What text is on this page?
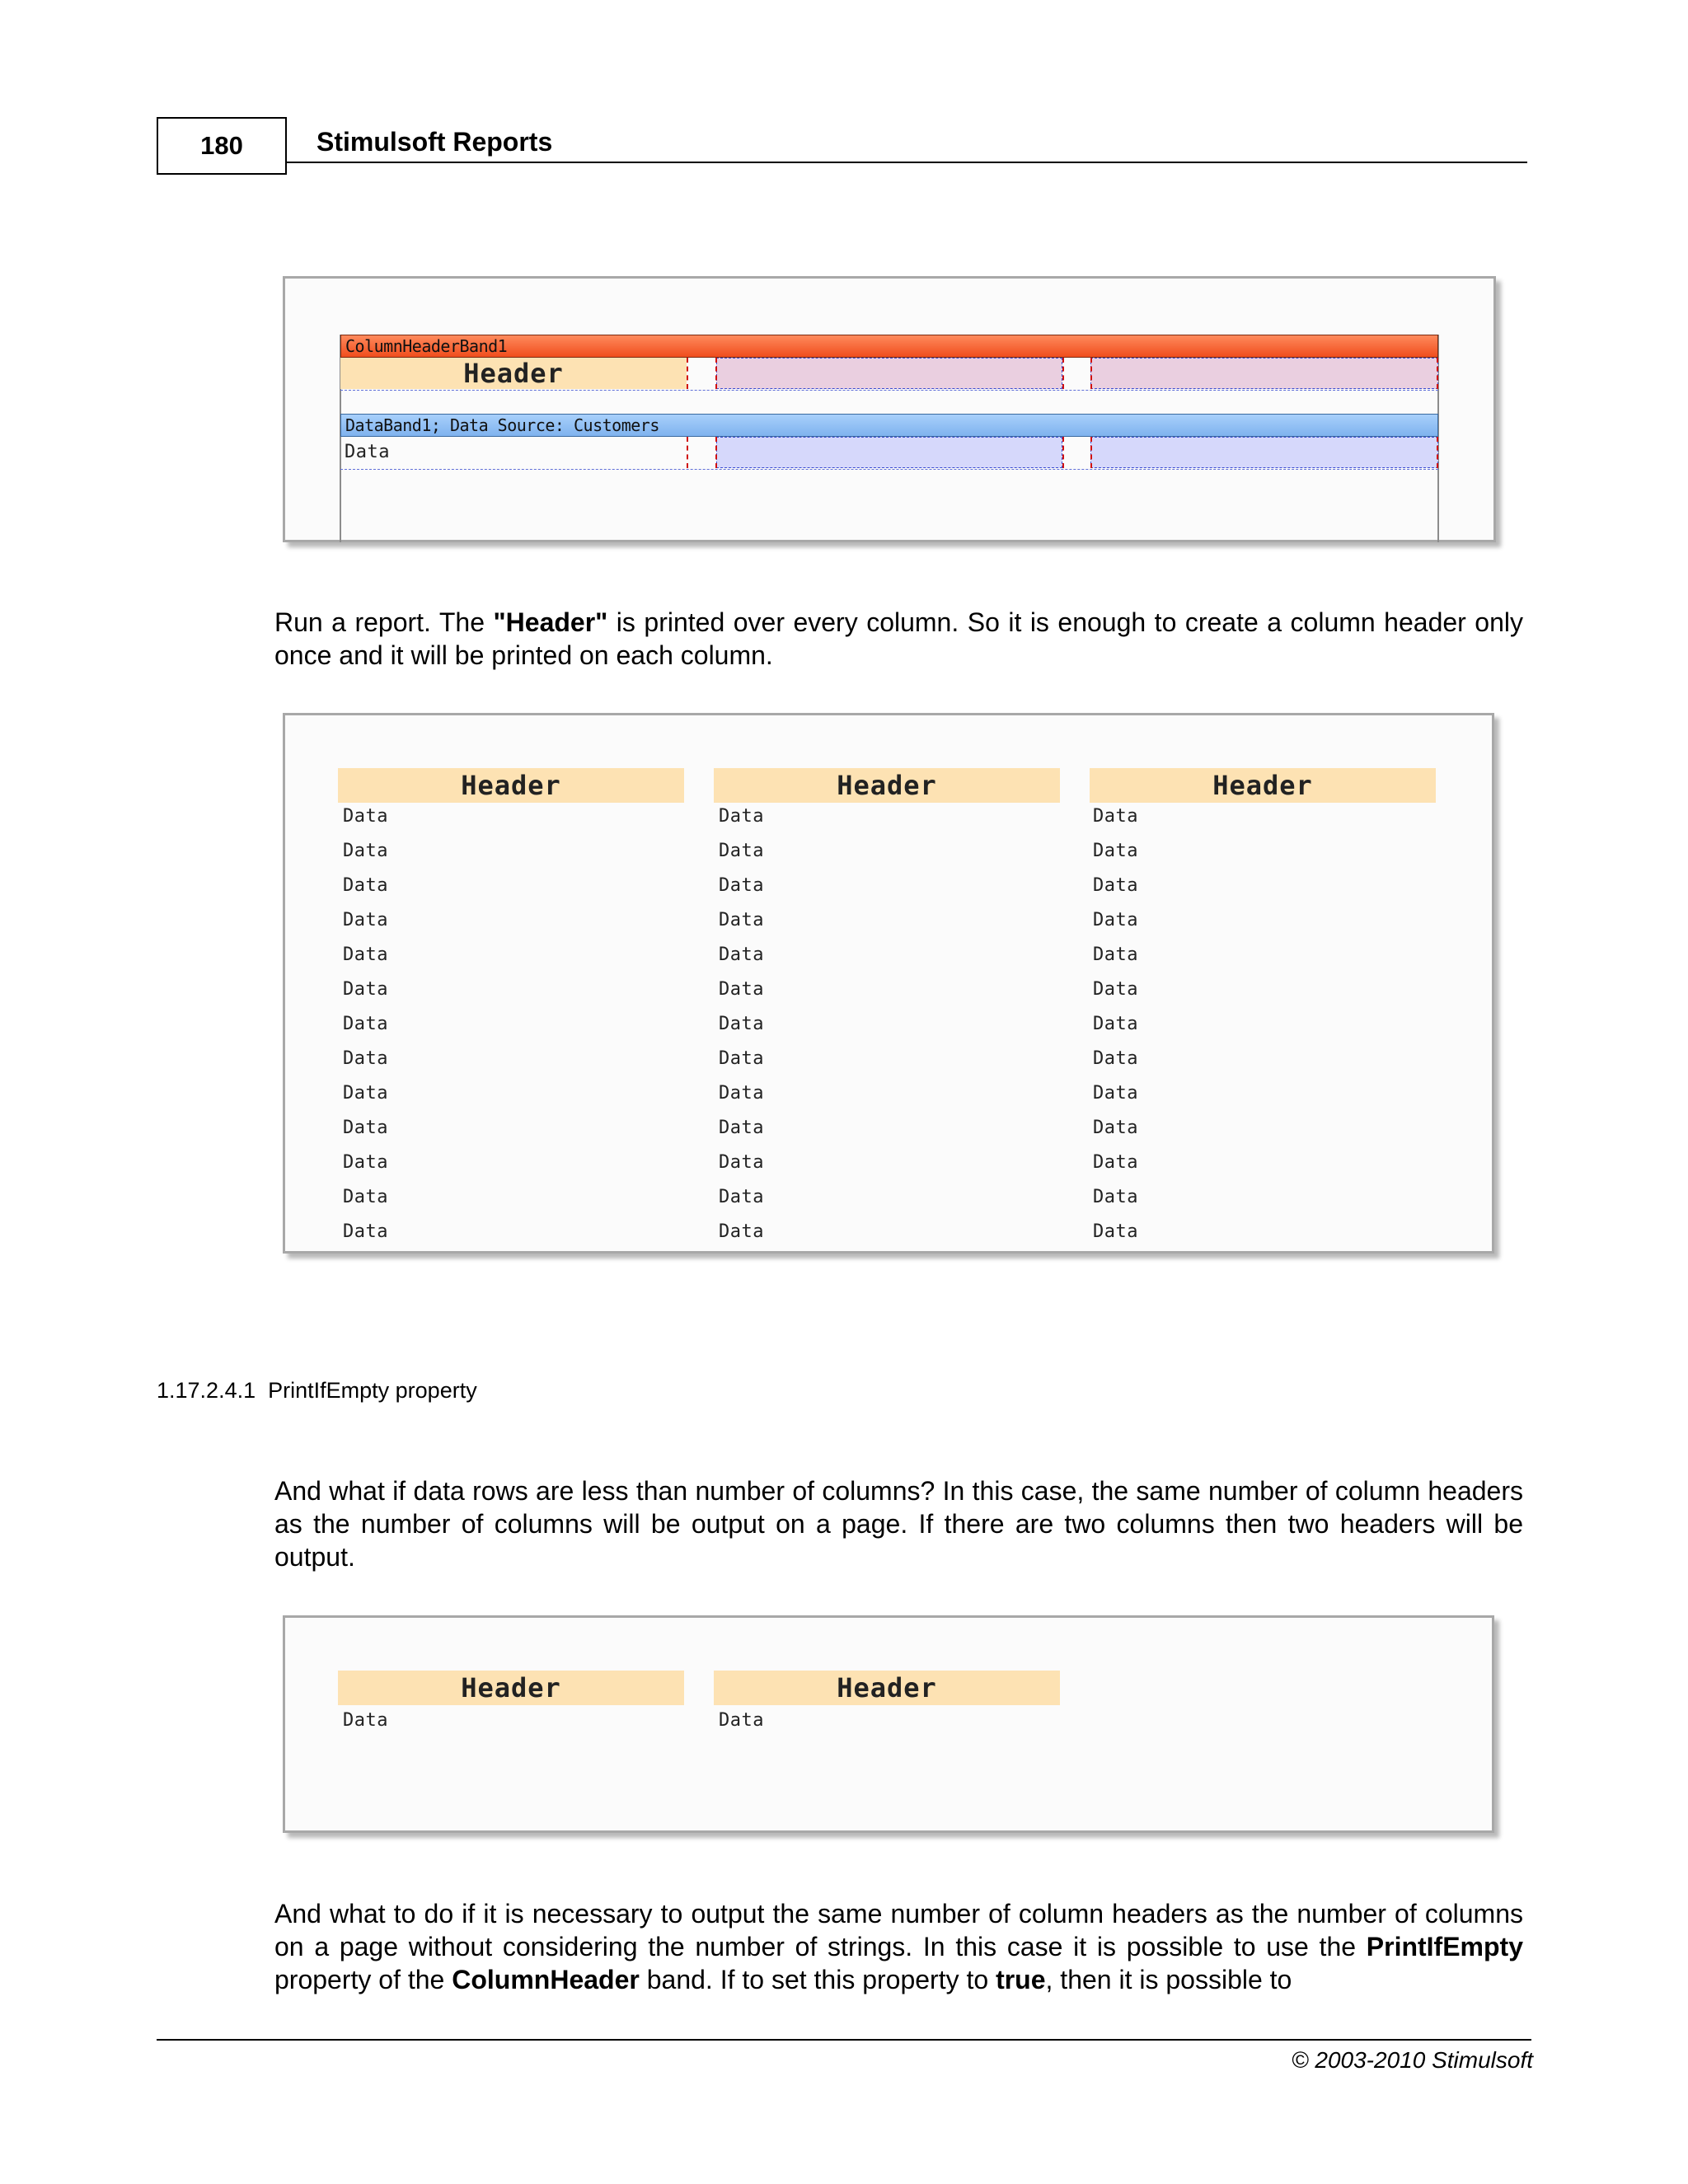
180	Stimulsoft Reports
ColumnHeaderBand1
Header
DataBand1; Data Source: Customers
Data
Run a report. The "Header" is printed over every column. So it is enough to create a column header only once and it will be printed on each column.
Header	Header	Header
Data	Data	Data
Data	Data	Data
Data	Data	Data
Data	Data	Data
Data	Data	Data
Data	Data	Data
Data	Data	Data
Data	Data	Data
Data	Data	Data
Data	Data	Data
Data	Data	Data
Data	Data	Data
Data	Data	Data
1.17.2.4.1 PrintIfEmpty property
And what if data rows are less than number of columns? In this case, the same number of column headers as the number of columns will be output on a page. If there are two columns then two headers will be output.
Header	Header
Data	Data
And what to do if it is necessary to output the same number of column headers as the number of columns on a page without considering the number of strings. In this case it is possible to use the PrintIfEmpty property of the ColumnHeader band. If to set this property to true, then it is possible to
© 2003-2010 Stimulsoft
